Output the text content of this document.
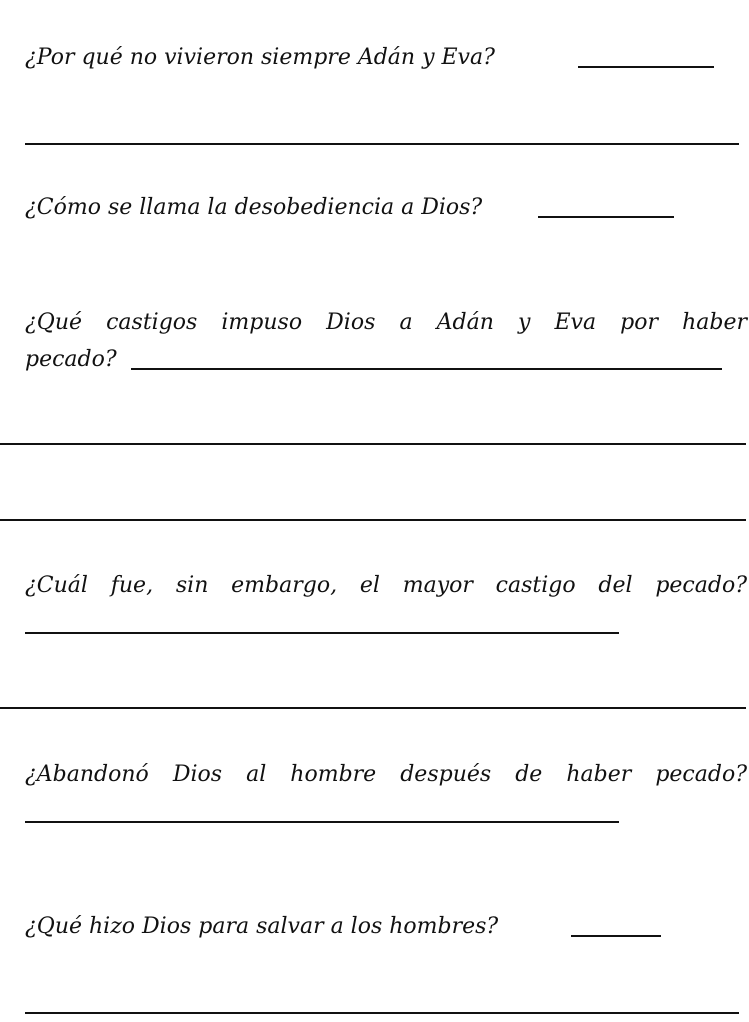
¿Por qué no vivieron siempre Adán y Eva?
¿Cómo se llama la desobediencia a Dios?
¿Qué castigos impuso Dios a Adán y Eva por haber
pecado?
¿Cuál fue, sin embargo, el mayor castigo del pecado?
¿Abandonó Dios al hombre después de haber pecado?
¿Qué hizo Dios para salvar a los hombres?
